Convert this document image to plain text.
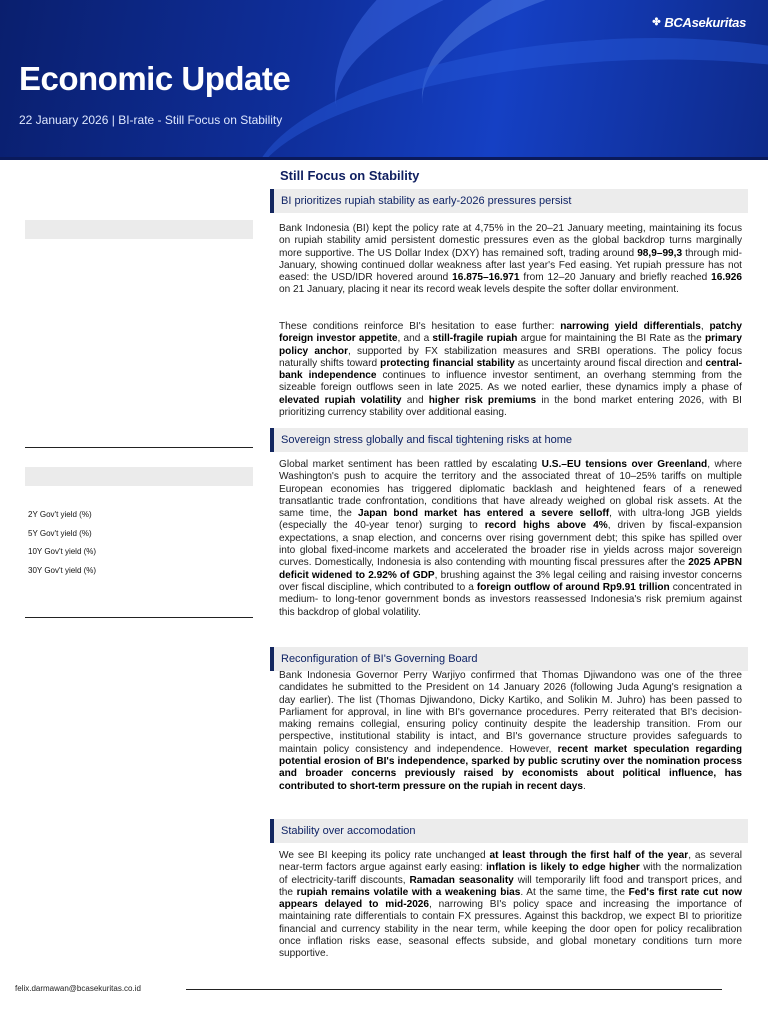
✤ BCAsekuritas
Economic Update
22 January 2026 | BI-rate - Still Focus on Stability
2Y Gov't yield (%)
5Y Gov't yield (%)
10Y Gov't yield (%)
30Y Gov't yield (%)
Still Focus on Stability
BI prioritizes rupiah stability as early-2026 pressures persist
Bank Indonesia (BI) kept the policy rate at 4,75% in the 20–21 January meeting, maintaining its focus on rupiah stability amid persistent domestic pressures even as the global backdrop turns marginally more supportive. The US Dollar Index (DXY) has remained soft, trading around 98,9–99,3 through mid-January, showing continued dollar weakness after last year's Fed easing. Yet rupiah pressure has not eased: the USD/IDR hovered around 16.875–16.971 from 12–20 January and briefly reached 16.926 on 21 January, placing it near its record weak levels despite the softer dollar environment.
These conditions reinforce BI's hesitation to ease further: narrowing yield differentials, patchy foreign investor appetite, and a still-fragile rupiah argue for maintaining the BI Rate as the primary policy anchor, supported by FX stabilization measures and SRBI operations. The policy focus naturally shifts toward protecting financial stability as uncertainty around fiscal direction and central-bank independence continues to influence investor sentiment, an overhang stemming from the sizeable foreign outflows seen in late 2025. As we noted earlier, these dynamics imply a phase of elevated rupiah volatility and higher risk premiums in the bond market entering 2026, with BI prioritizing currency stability over additional easing.
Sovereign stress globally and fiscal tightening risks at home
Global market sentiment has been rattled by escalating U.S.–EU tensions over Greenland, where Washington's push to acquire the territory and the associated threat of 10–25% tariffs on multiple European economies has triggered diplomatic backlash and heightened fears of a renewed transatlantic trade confrontation, conditions that have already weighed on global risk assets. At the same time, the Japan bond market has entered a severe selloff, with ultra-long JGB yields (especially the 40-year tenor) surging to record highs above 4%, driven by fiscal-expansion expectations, a snap election, and concerns over rising government debt; this spike has spilled over into global fixed-income markets and accelerated the broader rise in yields across major sovereign curves. Domestically, Indonesia is also contending with mounting fiscal pressures after the 2025 APBN deficit widened to 2.92% of GDP, brushing against the 3% legal ceiling and raising investor concerns over fiscal discipline, which contributed to a foreign outflow of around Rp9.91 trillion concentrated in medium- to long-tenor government bonds as investors reassessed Indonesia's risk premium against this backdrop of global volatility.
Reconfiguration of BI's Governing Board
Bank Indonesia Governor Perry Warjiyo confirmed that Thomas Djiwandono was one of the three candidates he submitted to the President on 14 January 2026 (following Juda Agung's resignation a day earlier). The list (Thomas Djiwandono, Dicky Kartiko, and Solikin M. Juhro) has been passed to Parliament for approval, in line with BI's governance procedures. Perry reiterated that BI's decision-making remains collegial, ensuring policy continuity despite the leadership transition. From our perspective, institutional stability is intact, and BI's governance structure provides safeguards to maintain policy consistency and independence. However, recent market speculation regarding potential erosion of BI's independence, sparked by public scrutiny over the nomination process and broader concerns previously raised by economists about political influence, has contributed to short-term pressure on the rupiah in recent days.
Stability over accomodation
We see BI keeping its policy rate unchanged at least through the first half of the year, as several near-term factors argue against early easing: inflation is likely to edge higher with the normalization of electricity-tariff discounts, Ramadan seasonality will temporarily lift food and transport prices, and the rupiah remains volatile with a weakening bias. At the same time, the Fed's first rate cut now appears delayed to mid-2026, narrowing BI's policy space and increasing the importance of maintaining rate differentials to contain FX pressures. Against this backdrop, we expect BI to prioritize financial and currency stability in the near term, while keeping the door open for policy recalibration once inflation risks ease, seasonal effects subside, and global monetary conditions turn more supportive.
felix.darmawan@bcasekuritas.co.id
